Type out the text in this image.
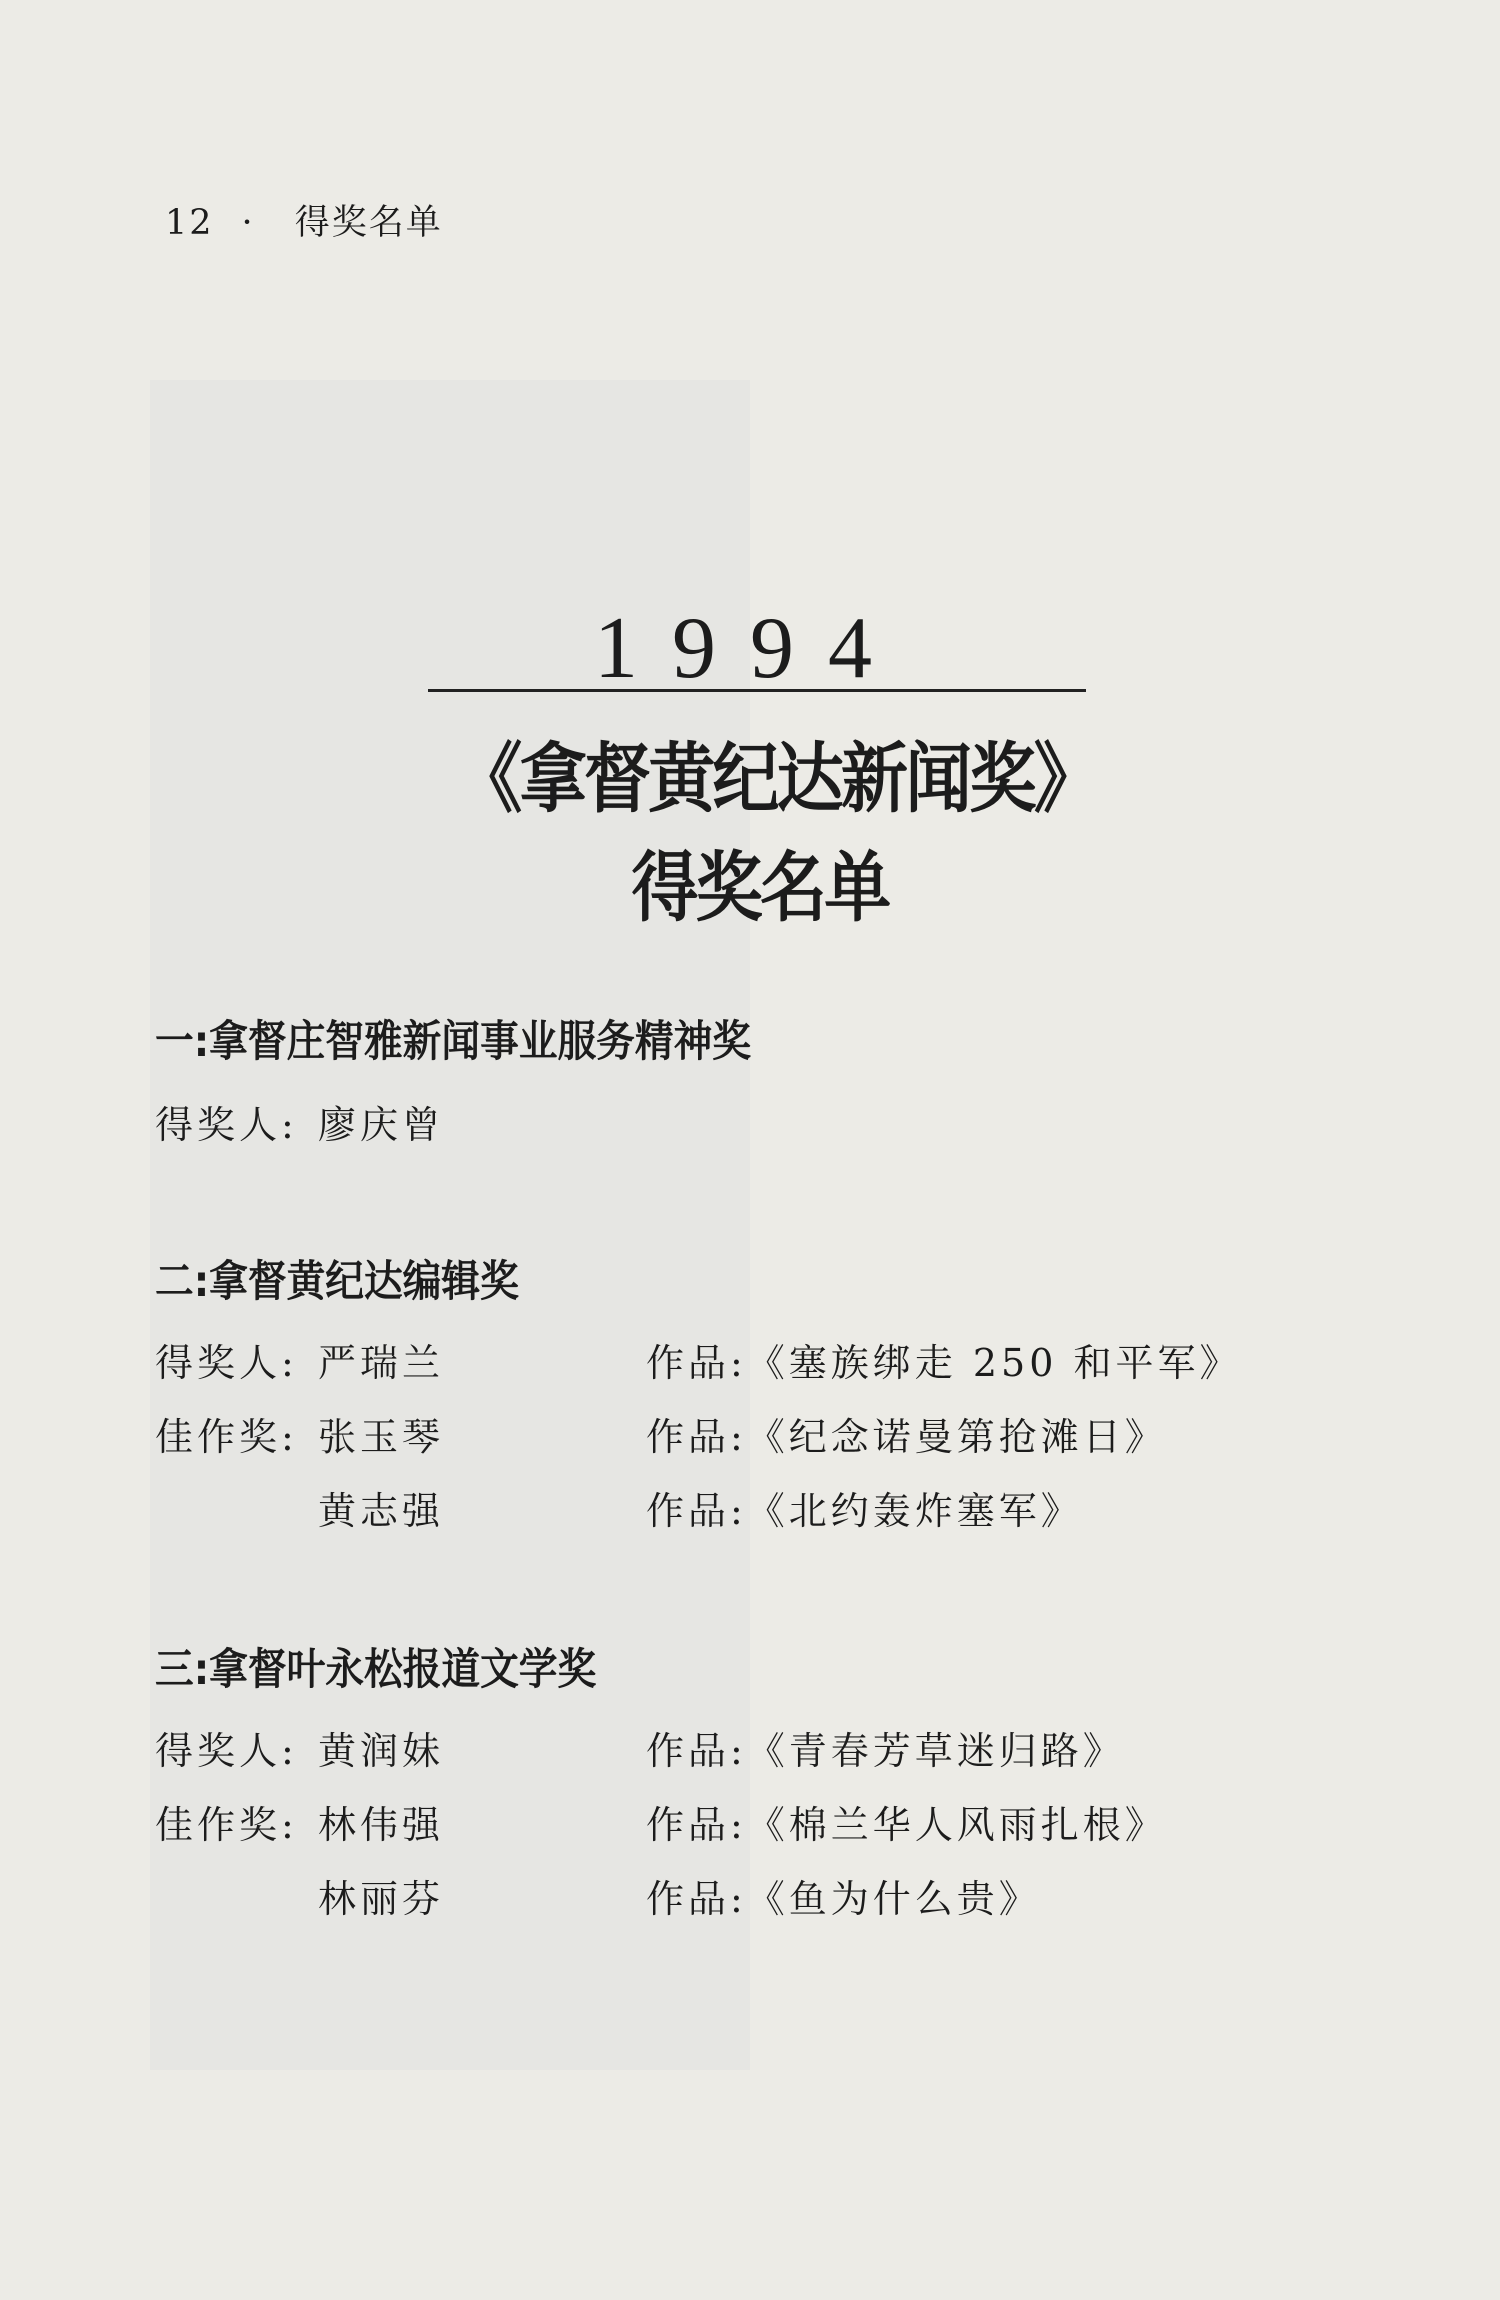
12 · 得奖名单
1994
《拿督黄纪达新闻奖》得奖名单
一:拿督庄智雅新闻事业服务精神奖
得奖人: 廖庆曾
二:拿督黄纪达编辑奖
得奖人: 严瑞兰	作品:《塞族绑走 250 和平军》
佳作奖: 张玉琴	作品:《纪念诺曼第抢滩日》
黄志强	作品:《北约轰炸塞军》
三:拿督叶永松报道文学奖
得奖人: 黄润妹	作品:《青春芳草迷归路》
佳作奖: 林伟强	作品:《棉兰华人风雨扎根》
林丽芬	作品:《鱼为什么贵》
